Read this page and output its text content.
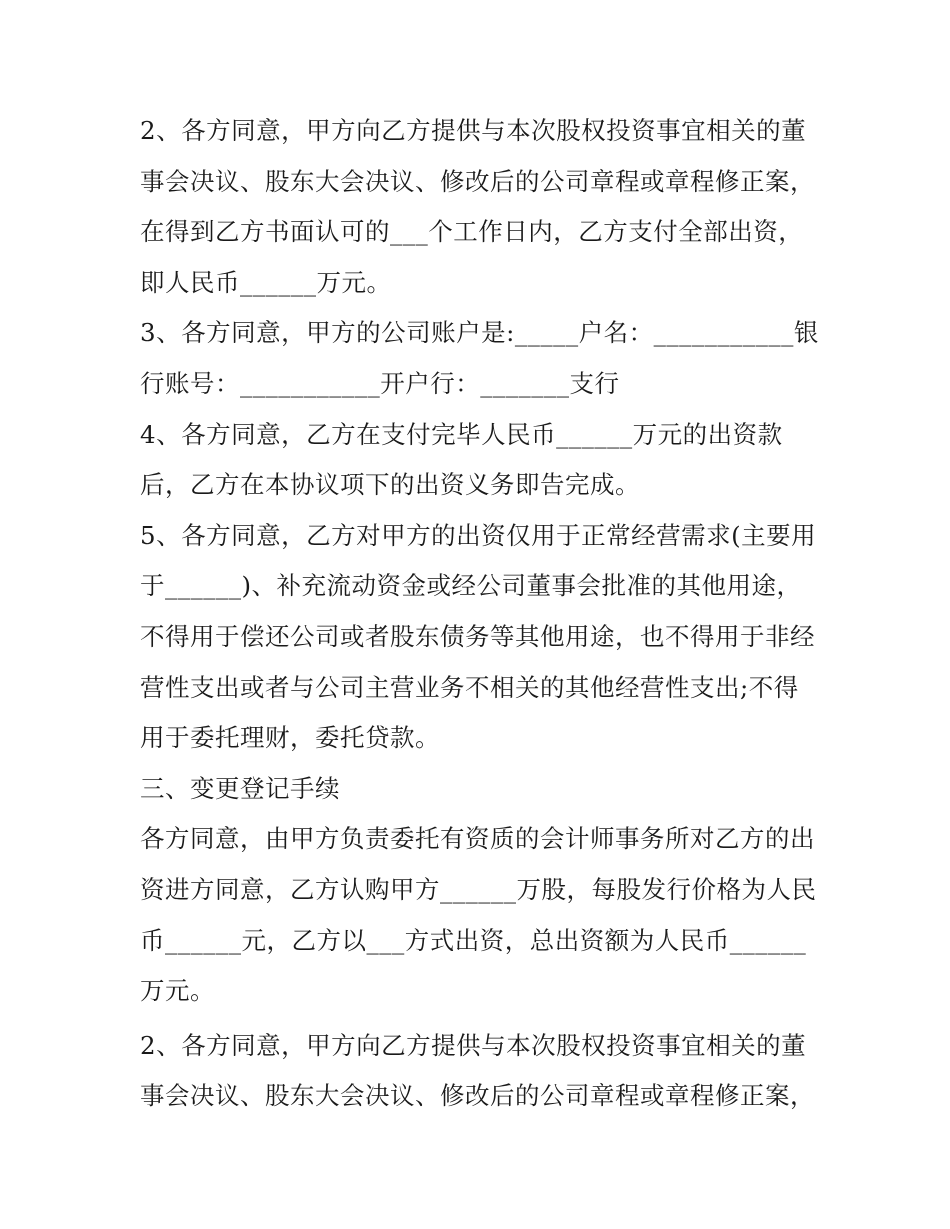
2、各方同意，甲方向乙方提供与本次股权投资事宜相关的董
事会决议、股东大会决议、修改后的公司章程或章程修正案，
在得到乙方书面认可的___个工作日内，乙方支付全部出资，
即人民币______万元。
3、各方同意，甲方的公司账户是:_____户名：___________银
行账号：___________开户行：_______支行
4、各方同意，乙方在支付完毕人民币______万元的出资款
后，乙方在本协议项下的出资义务即告完成。
5、各方同意，乙方对甲方的出资仅用于正常经营需求(主要用
于______)、补充流动资金或经公司董事会批准的其他用途，
不得用于偿还公司或者股东债务等其他用途，也不得用于非经
营性支出或者与公司主营业务不相关的其他经营性支出;不得
用于委托理财，委托贷款。
三、变更登记手续
各方同意，由甲方负责委托有资质的会计师事务所对乙方的出
资进方同意，乙方认购甲方______万股，每股发行价格为人民
币______元，乙方以___方式出资，总出资额为人民币______
万元。
2、各方同意，甲方向乙方提供与本次股权投资事宜相关的董
事会决议、股东大会决议、修改后的公司章程或章程修正案，
